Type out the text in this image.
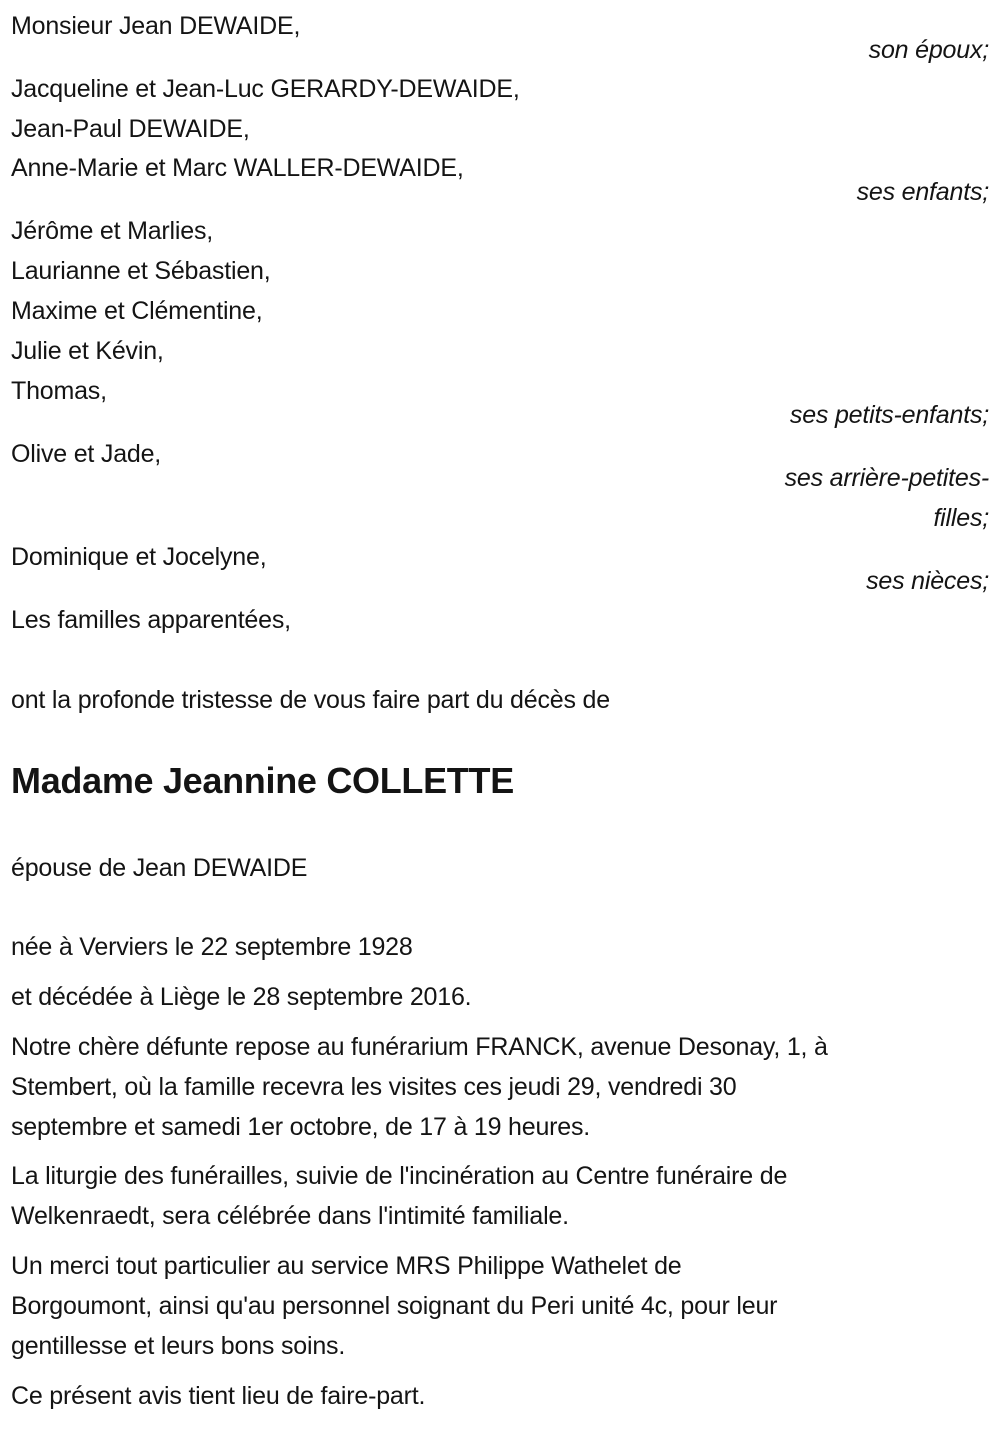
Monsieur Jean DEWAIDE,
son époux;
Jacqueline et Jean-Luc GERARDY-DEWAIDE,
Jean-Paul DEWAIDE,
Anne-Marie et Marc WALLER-DEWAIDE,
ses enfants;
Jérôme et Marlies,
Laurianne et Sébastien,
Maxime et Clémentine,
Julie et Kévin,
Thomas,
ses petits-enfants;
Olive et Jade,
ses arrière-petites-
filles;
Dominique et Jocelyne,
ses nièces;
Les familles apparentées,
ont la profonde tristesse de vous faire part du décès de
Madame Jeannine COLLETTE
épouse de Jean DEWAIDE
née à Verviers le 22 septembre 1928
et décédée à Liège le 28 septembre 2016.
Notre chère défunte repose au funérarium FRANCK, avenue Desonay, 1, à
Stembert, où la famille recevra les visites ces jeudi 29, vendredi 30
septembre et samedi 1er octobre, de 17 à 19 heures.
La liturgie des funérailles, suivie de l'incinération au Centre funéraire de
Welkenraedt, sera célébrée dans l'intimité familiale.
Un merci tout particulier au service MRS Philippe Wathelet de
Borgoumont, ainsi qu'au personnel soignant du Peri unité 4c, pour leur
gentillesse et leurs bons soins.
Ce présent avis tient lieu de faire-part.
